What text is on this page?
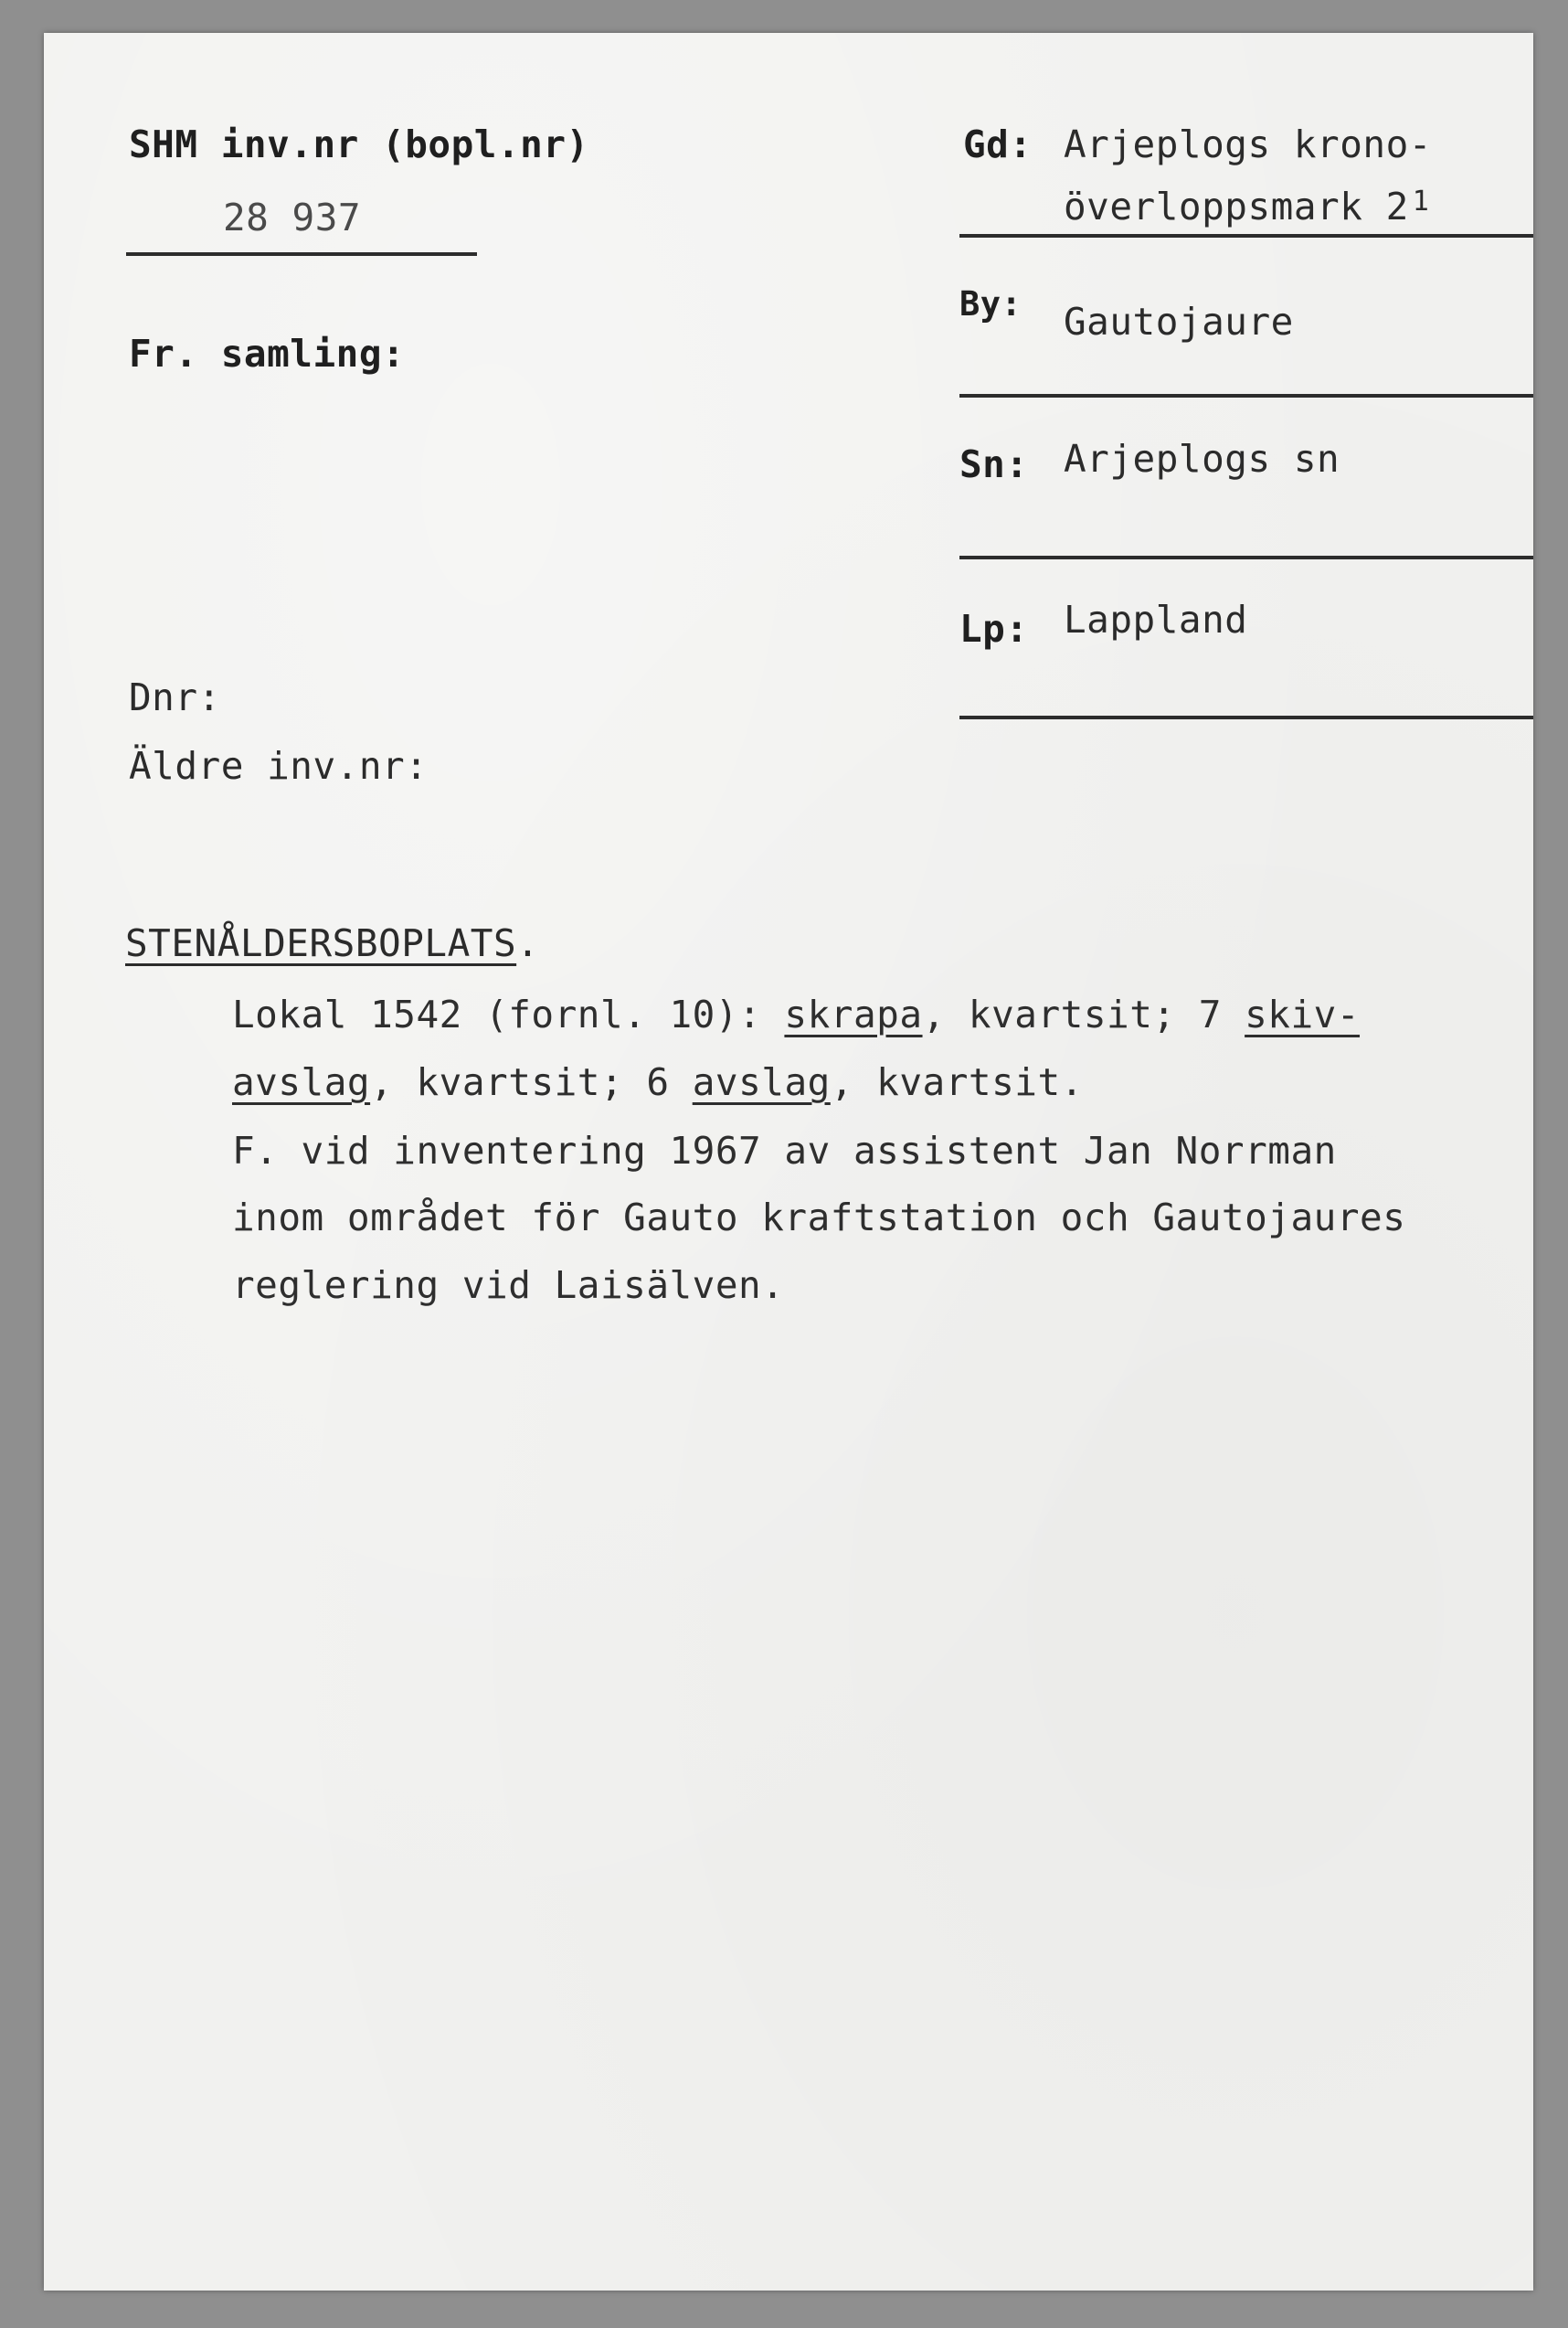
SHM inv.nr (bopl.nr)
28 937
Fr. samling:
Dnr:
Äldre inv.nr:
Gd: Arjeplogs krono-
överloppsmark 2 $^1$
By: Gautojaure
Sn: Arjeplogs sn
Lp: Lappland
STENÅLDERSBOPLATS.
Lokal 1542 (fornl. 10): skrapa, kvartsit; 7 skiv-
avslag, kvartsit; 6 avslag, kvartsit.
F. vid inventering 1967 av assistent Jan Norrman
inom området för Gauto kraftstation och Gautojaures
reglering vid Laisälven.
